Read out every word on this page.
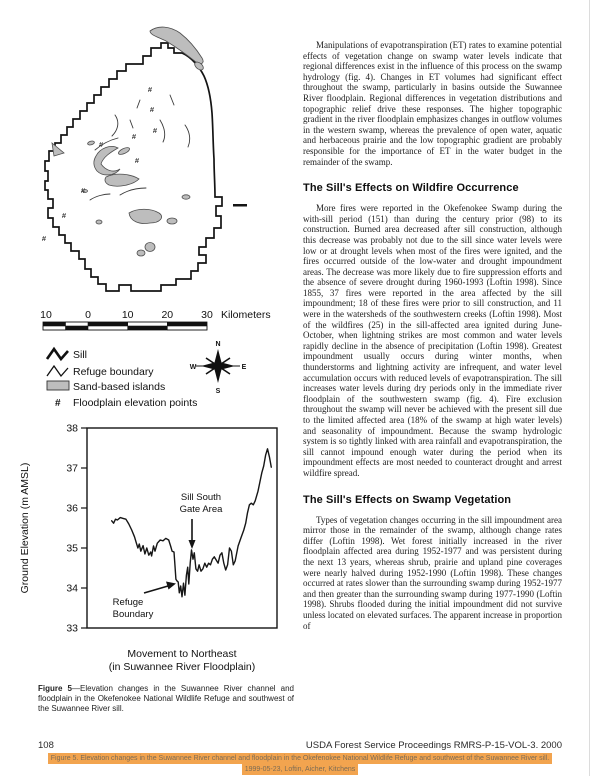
#
#
#
#
#
#
#
#
#
10	0	10	20	30 Kilometers
Sill
Refuge boundary
Sand-based islands
# Floodplain elevation points
N
S
W	E
38
37
36
35
34
33
Ground Elevation (m AMSL)	Sill South
Gate Area
Refuge
Boundary
Movement to Northeast
(in Suwannee River Floodplain)
Figure 5—Elevation changes in the Suwannee River channel and floodplain in the Okefenokee National Wildlife Refuge and southwest of the Suwannee River sill.

Manipulations of evapotranspiration (ET) rates to examine potential effects of vegetation change on swamp water levels indicate that regional differences exist in the influence of this process on the swamp hydrology (fig. 4). Changes in ET volumes had significant effect throughout the swamp, particularly in basins outside the Suwannee River floodplain. Regional differences in vegetation distributions and topographic relief drive these responses. The higher topographic gradient in the river floodplain emphasizes changes in outflow volumes in the western swamp, whereas the prevalence of open water, aquatic and herbaceous prairie and the low topographic gradient are probably responsible for the importance of ET in the water budget in the remainder of the swamp.

The Sill's Effects on Wildfire Occurrence

More fires were reported in the Okefenokee Swamp during the with-sill period (151) than during the century prior (98) to its construction. Burned area decreased after sill construction, although this decrease was probably not due to the sill since water levels were low or at drought levels when most of the fires were ignited, and the fires occurred outside of the low-water and drought impoundment areas. The decrease was more likely due to fire suppression efforts and the absence of severe drought during 1960-1993 (Loftin 1998). Since 1855, 37 fires were reported in the area affected by the sill impoundment; 18 of these fires were prior to sill construction, and 11 were in the watersheds of the southwestern creeks (Loftin 1998). Most of the wildfires (25) in the sill-affected area ignited during June-October, when lightning strikes are most common and water levels rapidly decline in the absence of precipitation (Loftin 1998). Greatest impoundment usually occurs during winter months, when thunderstorms and lightning activity are infrequent, and water level accumulation occurs with reduced levels of evapotranspiration. The sill increases water levels during dry periods only in the immediate river floodplain of the southwestern swamp (fig. 4). Fire exclusion throughout the swamp will never be achieved with the present sill due to the limited affected area (18% of the swamp at high water levels) and seasonality of impoundment. Because the swamp hydrologic system is so tightly linked with area rainfall and evapotranspiration, the sill cannot impound enough water during the period when its impoundment effects are most needed to counteract drought and arrest wildfire spread.

The Sill's Effects on Swamp Vegetation

Types of vegetation changes occurring in the sill impoundment area mirror those in the remainder of the swamp, although change rates differ (Loftin 1998). Wet forest initially increased in the river floodplain affected area during 1952-1977 and was persistent during the next 13 years, whereas shrub, prairie and upland pine coverages were nearly halved during 1952-1990 (Loftin 1998). These changes occurred at rates slower than the surrounding swamp during 1952-1977 and then greater than the surrounding swamp during 1977-1990 (Loftin 1998). Shrubs flooded during the initial impoundment did not survive unless located on elevated surfaces. The apparent increase in proportion of

108	USDA Forest Service Proceedings RMRS-P-15-VOL-3. 2000
Figure 5. Elevation changes in the Suwannee River channel and floodplain in the Okefenokee National Wildlife Refuge and southwest of the Suwannee River sill.
1999-05-23, Loftin, Aicher, Kitchens
